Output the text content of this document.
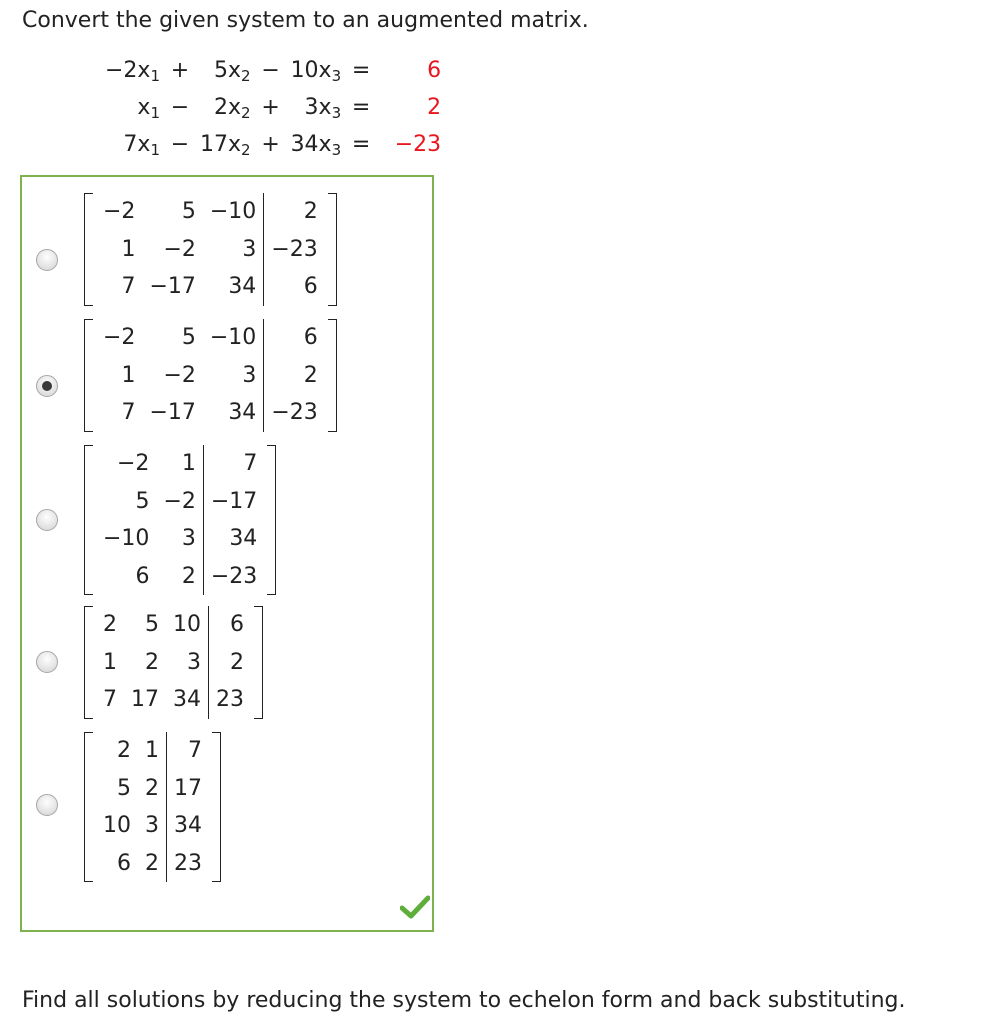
Convert the given system to an augmented matrix.
$-2x_1$	+	$5x_2$	−	$10x_3$	=	6
$x_1$	−	$2x_2$	+	$3x_3$	=	2
$7x_1$	−	$17x_2$	+	$34x_3$	=	−23
−2	5	−10	2
1	−2	3	−23
7	−17	34	6
−2	5	−10	6
1	−2	3	2
7	−17	34	−23
−2	1	7
5	−2	−17
−10	3	34
6	2	−23
2	5	10	6
1	2	3	2
7	17	34	23
2	1	7
5	2	17
10	3	34
6	2	23
Find all solutions by reducing the system to echelon form and back substituting.
